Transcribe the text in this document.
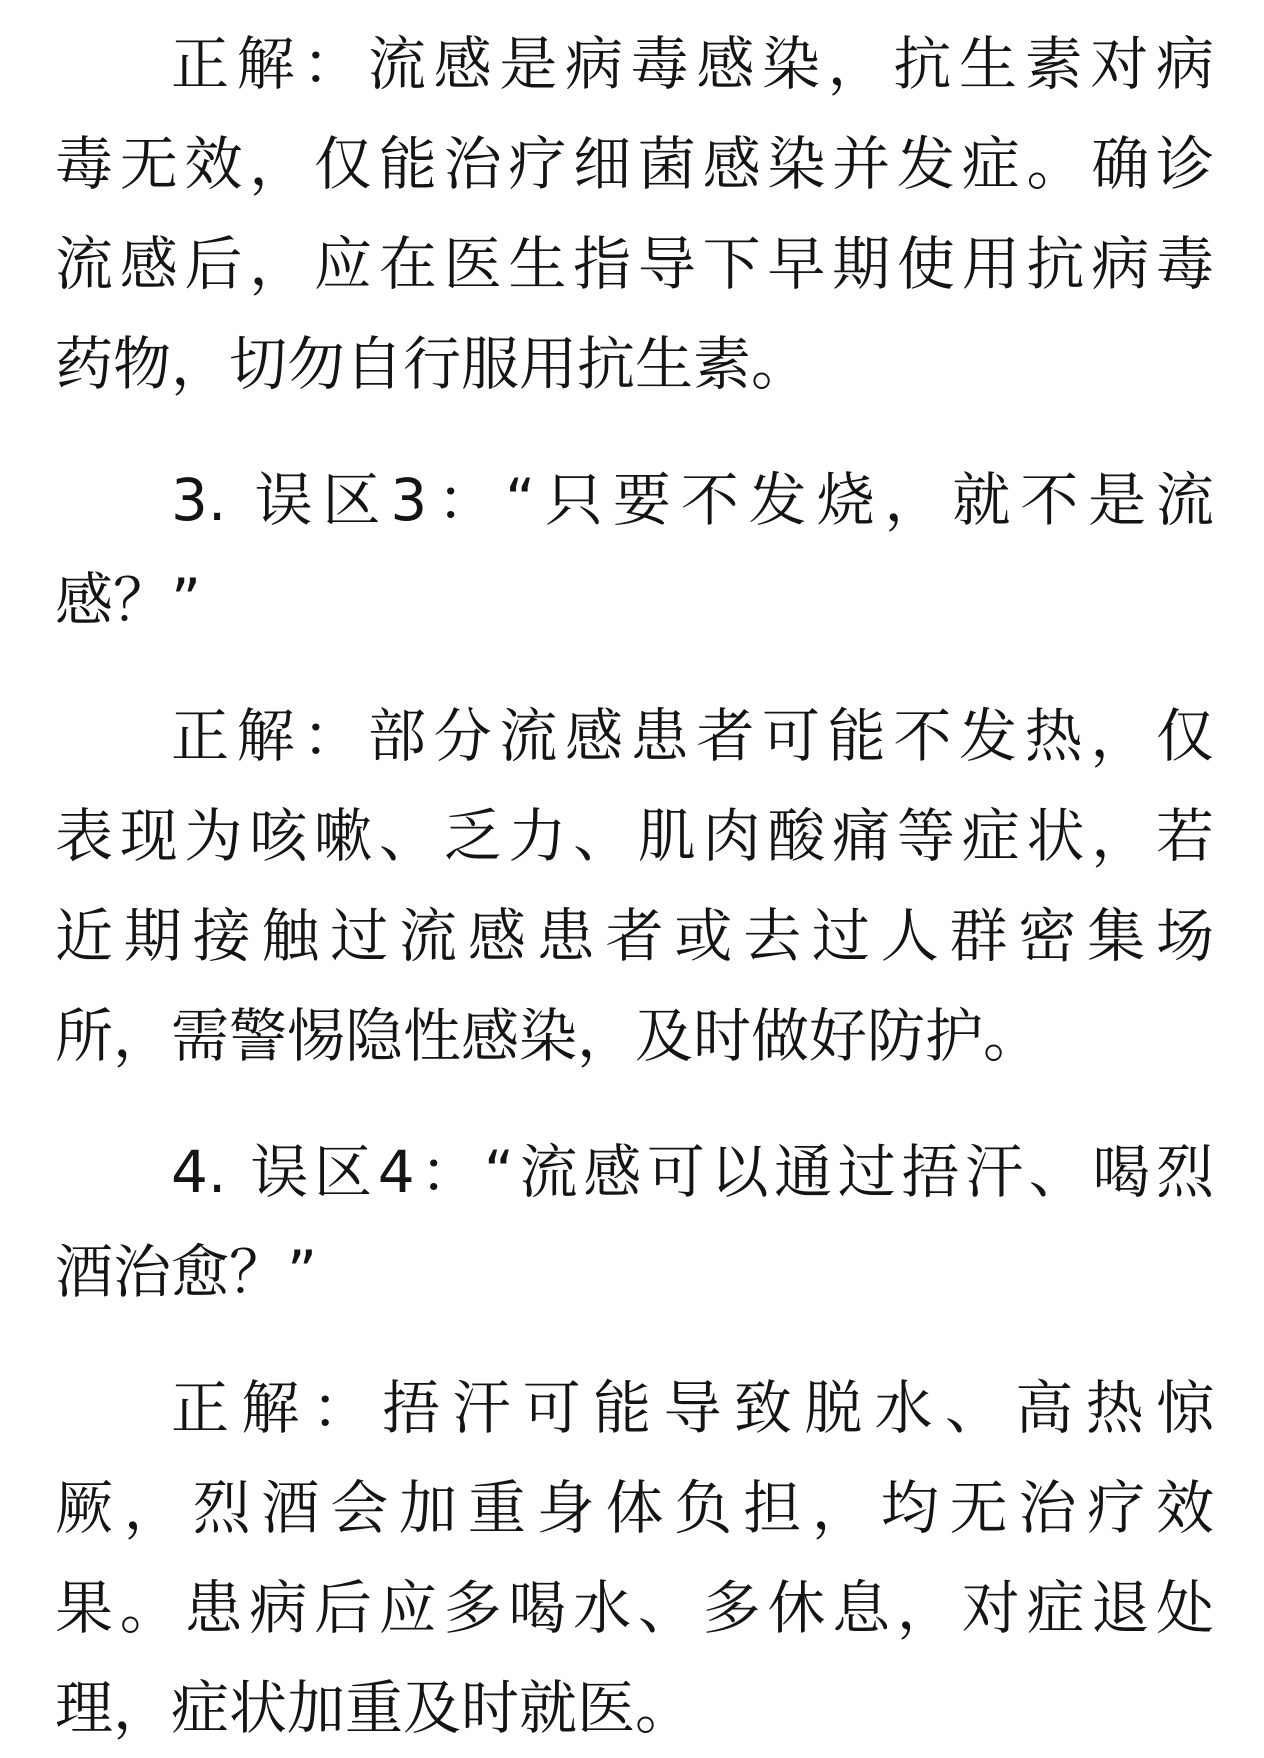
正解：流感是病毒感染，抗生素对病
毒无效，仅能治疗细菌感染并发症。确诊
流感后，应在医生指导下早期使用抗病毒
药物，切勿自行服用抗生素。
3. 误区3：“只要不发烧，就不是流
感？”
正解：部分流感患者可能不发热，仅
表现为咳嗽、乏力、肌肉酸痛等症状，若
近期接触过流感患者或去过人群密集场
所，需警惕隐性感染，及时做好防护。
4. 误区4：“流感可以通过捂汗、喝烈
酒治愈？”
正解：捂汗可能导致脱水、高热惊
厥，烈酒会加重身体负担，均无治疗效
果。患病后应多喝水、多休息，对症退处
理，症状加重及时就医。
